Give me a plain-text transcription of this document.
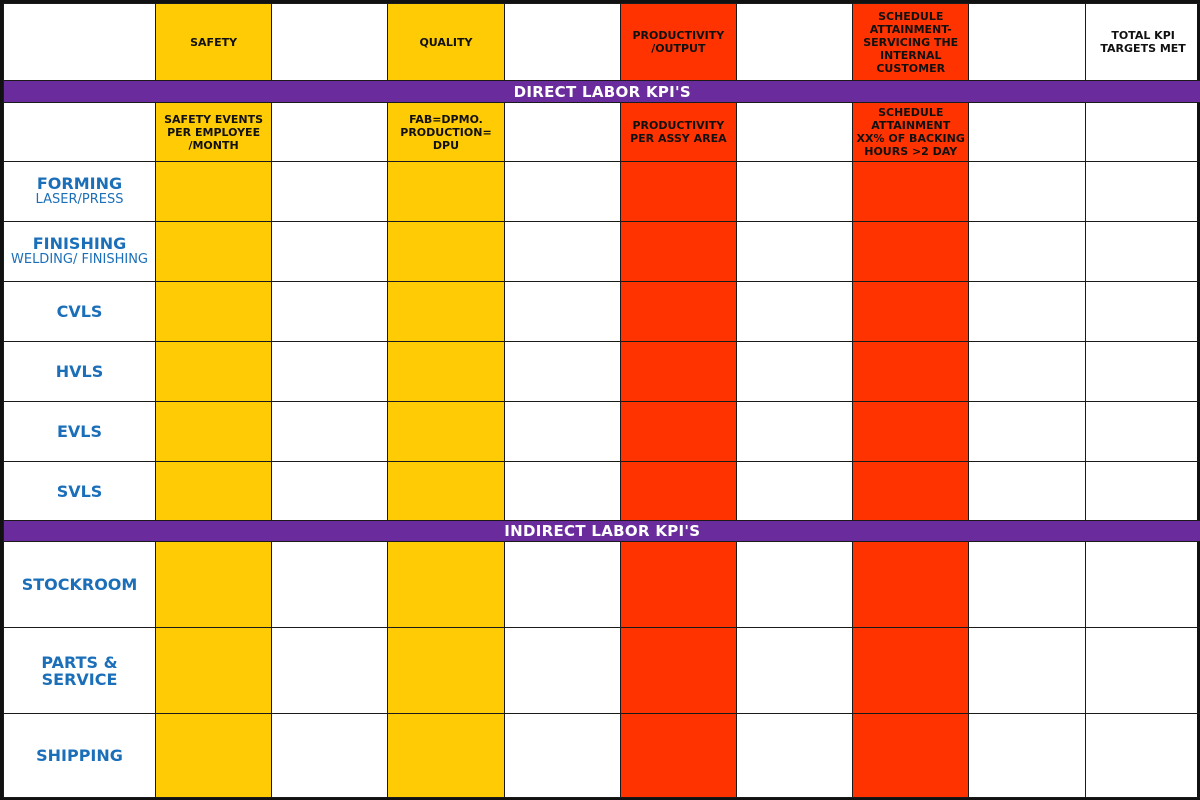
	SAFETY		QUALITY		PRODUCTIVITY /OUTPUT		SCHEDULE ATTAINMENT- SERVICING THE INTERNAL CUSTOMER		TOTAL KPI TARGETS MET
DIRECT LABOR KPI'S									
	SAFETY EVENTS PER EMPLOYEE /MONTH		FAB=DPMO. PRODUCTION= DPU		PRODUCTIVITY PER ASSY AREA		SCHEDULE ATTAINMENT XX% OF BACKING HOURS >2 DAY		

FORMING
LASER/PRESS									

FINISHING
WELDING/ FINISHING									

CVLS									

HVLS									

EVLS									

SVLS									

INDIRECT LABOR KPI'S									

STOCKROOM									

PARTS & SERVICE									

SHIPPING									
